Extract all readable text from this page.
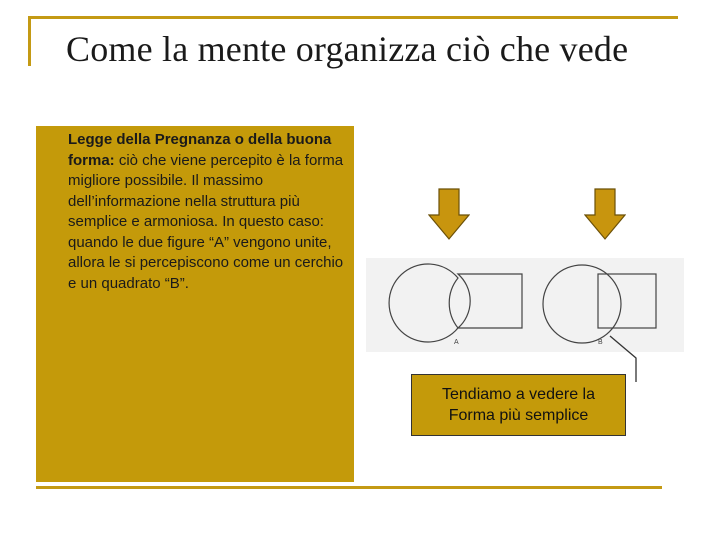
Come la mente organizza ciò che vede
Legge della Pregnanza o della buona forma: ciò che viene percepito è la forma migliore possibile. Il massimo dell’informazione nella struttura più semplice e armoniosa. In questo caso: quando le due figure “A” vengono unite, allora le si percepiscono come un cerchio e un quadrato “B”.
A	B
Tendiamo a vedere la
Forma più semplice
